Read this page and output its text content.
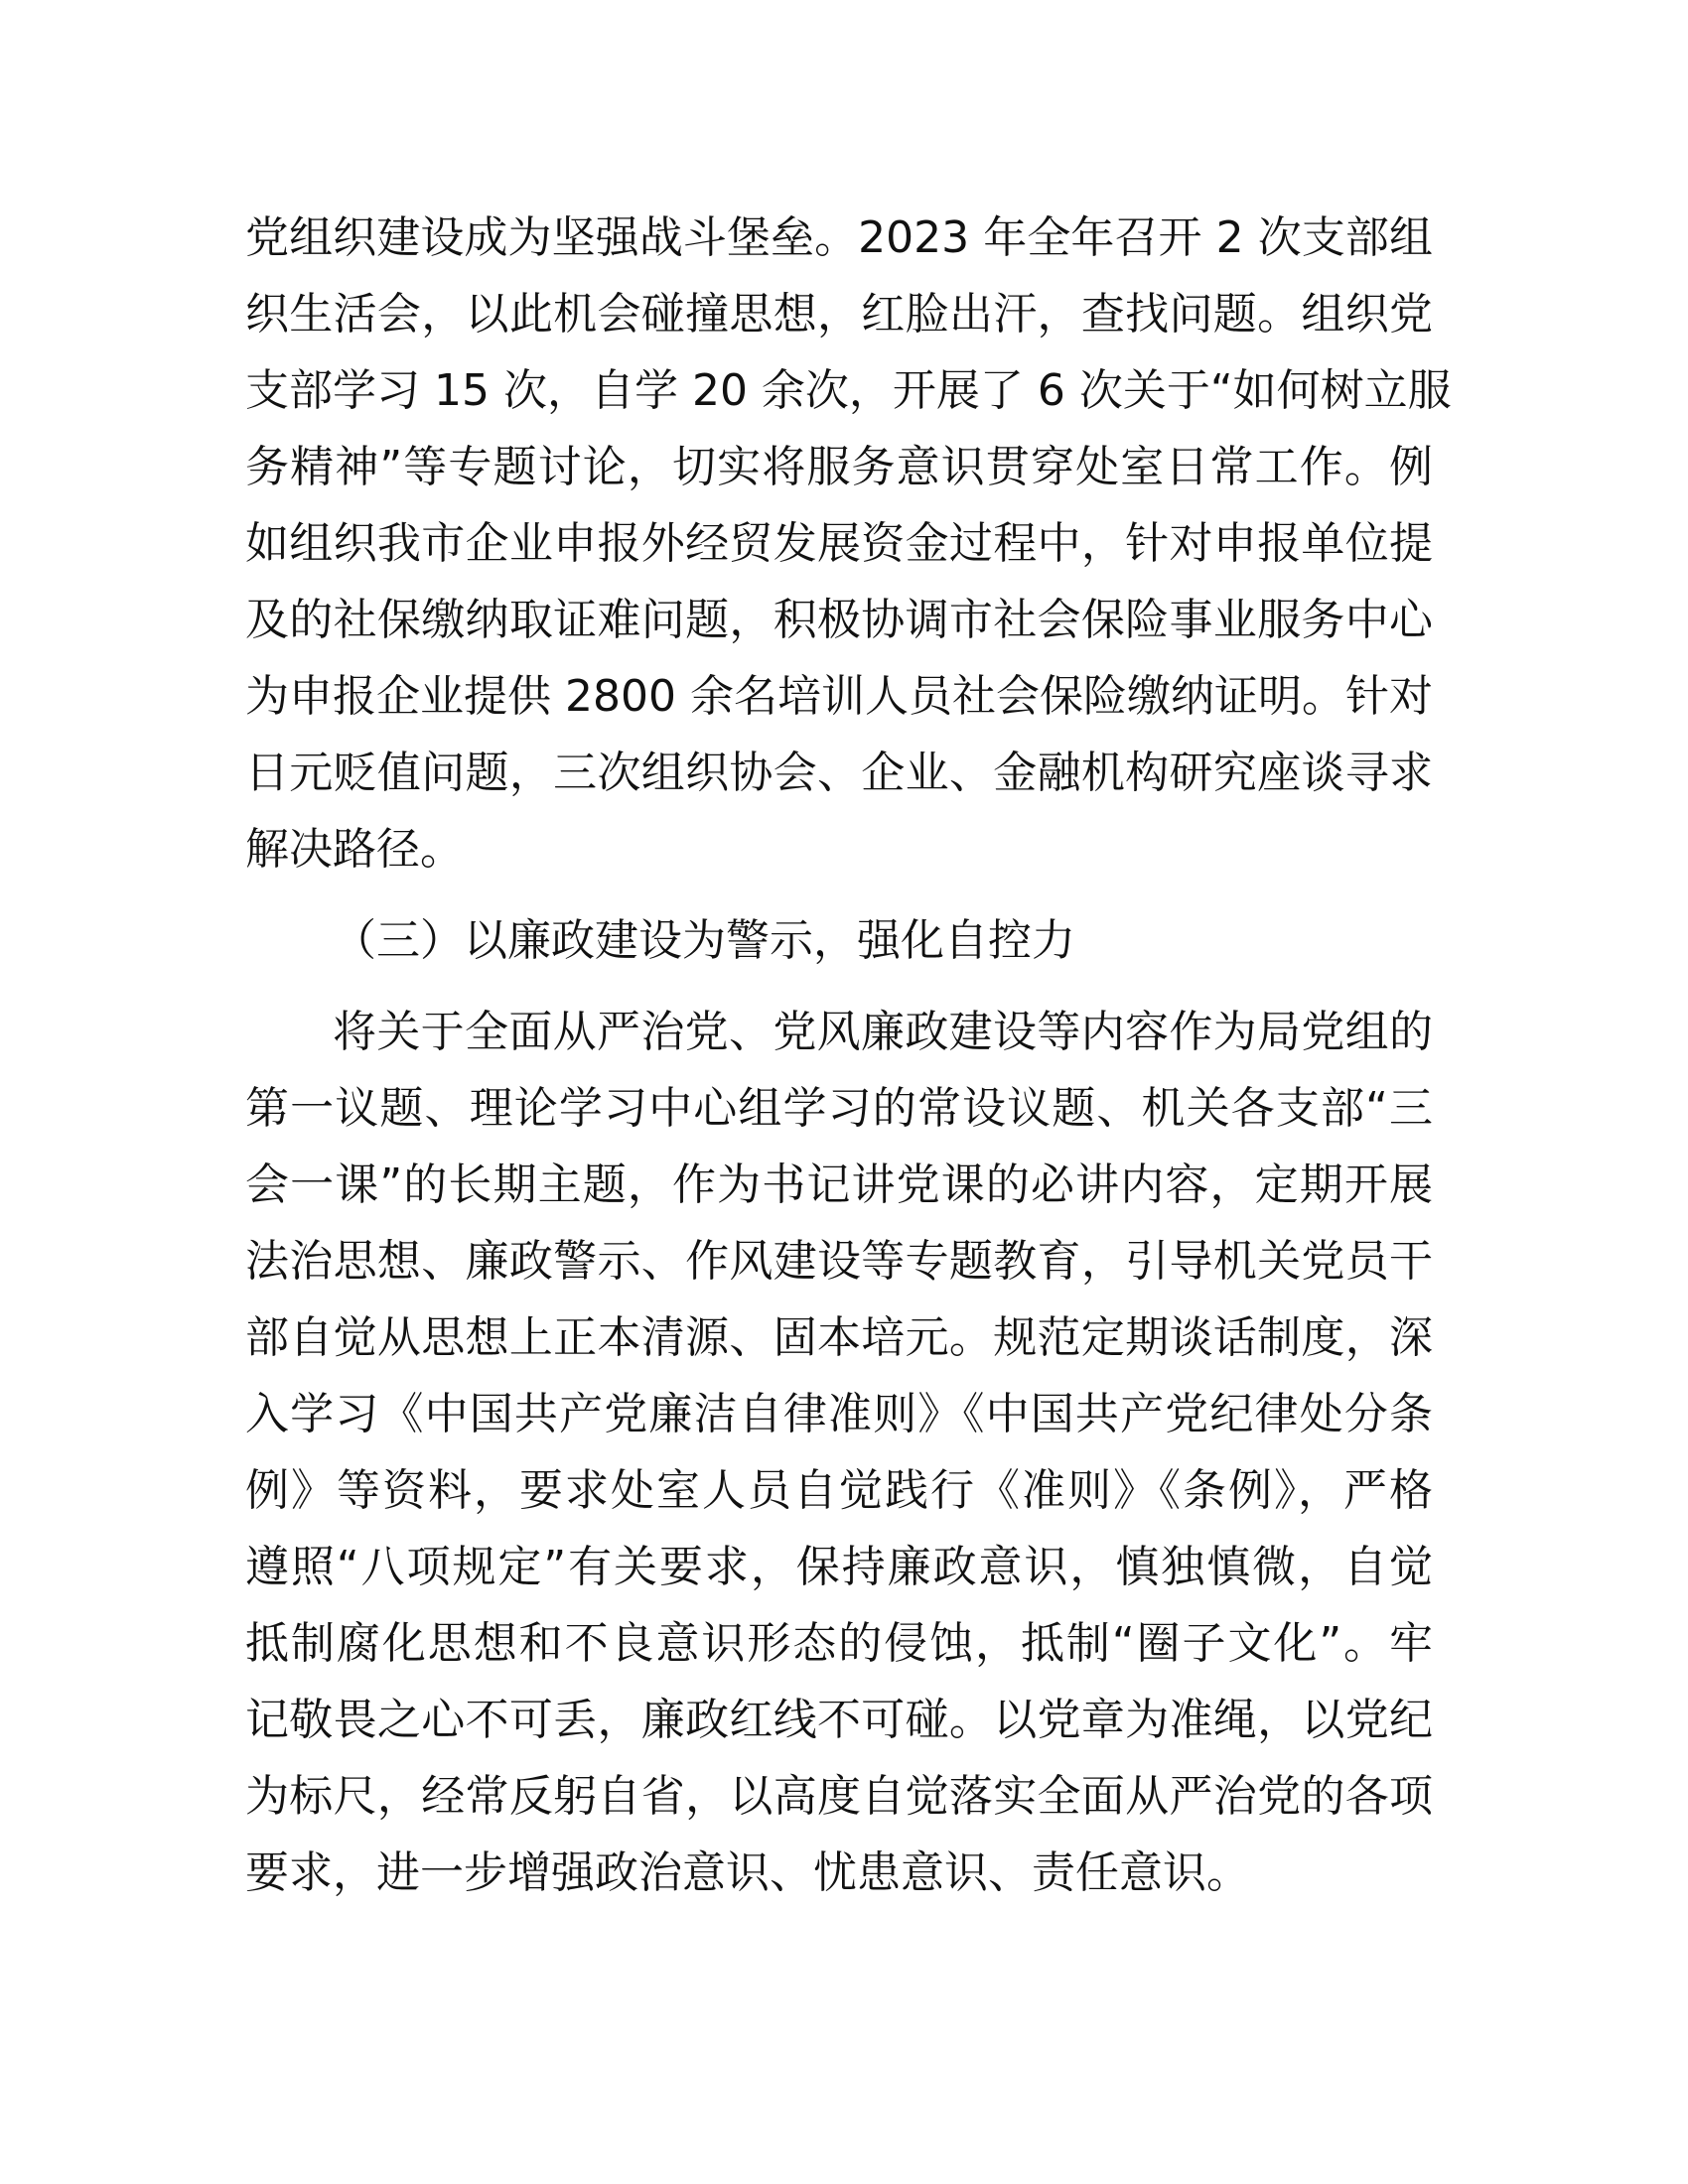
党组织建设成为坚强战斗堡垒。2023 年全年召开 2 次支部组
织生活会，以此机会碰撞思想，红脸出汗，查找问题。组织党
支部学习 15 次，自学 20 余次，开展了 6 次关于“如何树立服
务精神”等专题讨论，切实将服务意识贯穿处室日常工作。例
如组织我市企业申报外经贸发展资金过程中，针对申报单位提
及的社保缴纳取证难问题，积极协调市社会保险事业服务中心
为申报企业提供 2800 余名培训人员社会保险缴纳证明。针对
日元贬值问题，三次组织协会、企业、金融机构研究座谈寻求
解决路径。
（三）以廉政建设为警示，强化自控力
将关于全面从严治党、党风廉政建设等内容作为局党组的
第一议题、理论学习中心组学习的常设议题、机关各支部“三
会一课”的长期主题，作为书记讲党课的必讲内容，定期开展
法治思想、廉政警示、作风建设等专题教育，引导机关党员干
部自觉从思想上正本清源、固本培元。规范定期谈话制度，深
入学习《中国共产党廉洁自律准则》《中国共产党纪律处分条
例》等资料，要求处室人员自觉践行《准则》《条例》，严格
遵照“八项规定”有关要求，保持廉政意识，慎独慎微，自觉
抵制腐化思想和不良意识形态的侵蚀，抵制“圈子文化”。牢
记敬畏之心不可丢，廉政红线不可碰。以党章为准绳，以党纪
为标尺，经常反躬自省，以高度自觉落实全面从严治党的各项
要求，进一步增强政治意识、忧患意识、责任意识。
